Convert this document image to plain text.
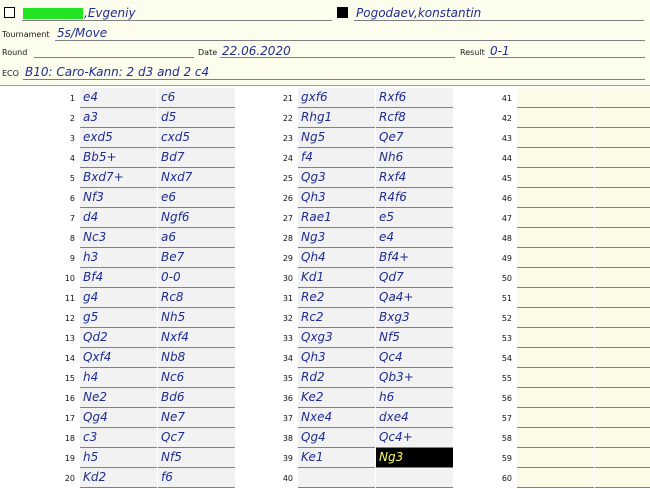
,Evgeniy	Pogodaev,konstantin
Tournament 5s/Move
Round	Date 22.06.2020	Result 0-1
ECO B10: Caro-Kann: 2 d3 and 2 c4
1 e4	c6
2 a3	d5
3 exd5	cxd5
4 Bb5+	Bd7
5 Bxd7+	Nxd7
6 Nf3	e6
7 d4	Ngf6
8 Nc3	a6
9 h3	Be7
10 Bf4	0-0
11 g4	Rc8
12 g5	Nh5
13 Qd2	Nxf4
14 Qxf4	Nb8
15 h4	Nc6
16 Ne2	Bd6
17 Qg4	Ne7
18 c3	Qc7
19 h5	Nf5
20 Kd2	f6
21 gxf6	Rxf6
22 Rhg1	Rcf8
23 Ng5	Qe7
24 f4	Nh6
25 Qg3	Rxf4
26 Qh3	R4f6
27 Rae1	e5
28 Ng3	e4
29 Qh4	Bf4+
30 Kd1	Qd7
31 Re2	Qa4+
32 Rc2	Bxg3
33 Qxg3	Nf5
34 Qh3	Qc4
35 Rd2	Qb3+
36 Ke2	h6
37 Nxe4	dxe4
38 Qg4	Qc4+
39 Ke1	Ng3
40
41
42
43
44
45
46
47
48
49
50
51
52
53
54
55
56
57
58
59
60
